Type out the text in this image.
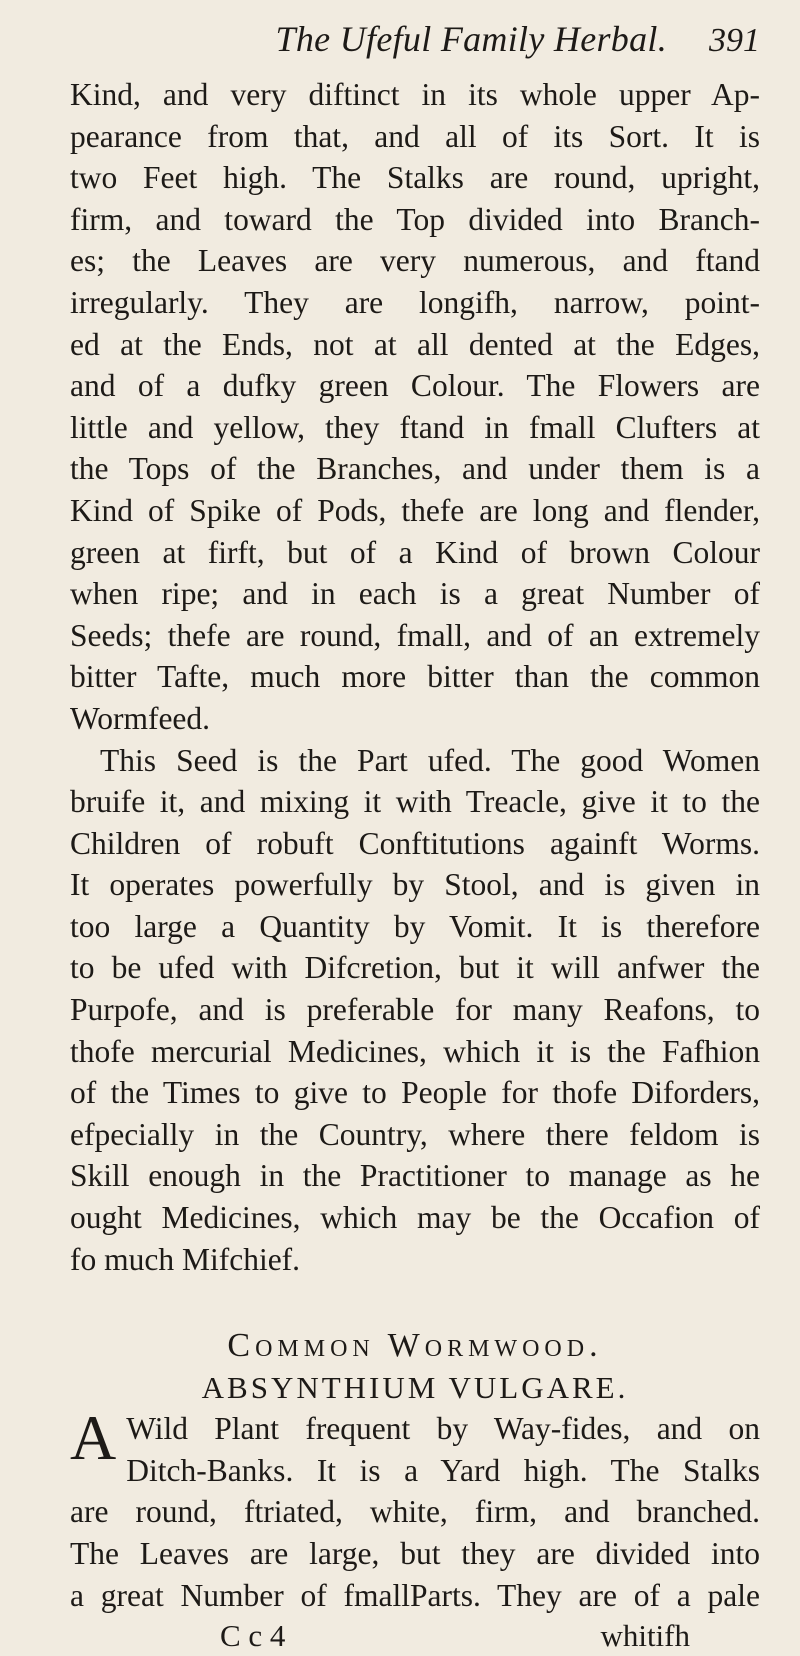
The Ufeful Family Herbal. 391
Kind, and very diftinct in its whole upper Ap-
pearance from that, and all of its Sort. It is
two Feet high. The Stalks are round, upright,
firm, and toward the Top divided into Branch-
es; the Leaves are very numerous, and ftand
irregularly. They are longifh, narrow, point-
ed at the Ends, not at all dented at the Edges,
and of a dufky green Colour. The Flowers are
little and yellow, they ftand in fmall Clufters at
the Tops of the Branches, and under them is a
Kind of Spike of Pods, thefe are long and flender,
green at firft, but of a Kind of brown Colour
when ripe; and in each is a great Number of
Seeds; thefe are round, fmall, and of an extremely
bitter Tafte, much more bitter than the common
Wormfeed.
This Seed is the Part ufed. The good Women
bruife it, and mixing it with Treacle, give it to the
Children of robuft Conftitutions againft Worms.
It operates powerfully by Stool, and is given in
too large a Quantity by Vomit. It is therefore
to be ufed with Difcretion, but it will anfwer the
Purpofe, and is preferable for many Reafons, to
thofe mercurial Medicines, which it is the Fafhion
of the Times to give to People for thofe Diforders,
efpecially in the Country, where there feldom is
Skill enough in the Practitioner to manage as he
ought Medicines, which may be the Occafion of
fo much Mifchief.
Common Wormwood.
ABSYNTHIUM VULGARE.
A Wild Plant frequent by Way-fides, and on
Ditch-Banks. It is a Yard high. The Stalks
are round, ftriated, white, firm, and branched.
The Leaves are large, but they are divided into
a great Number of fmallParts. They are of a pale
C c 4	whitifh
